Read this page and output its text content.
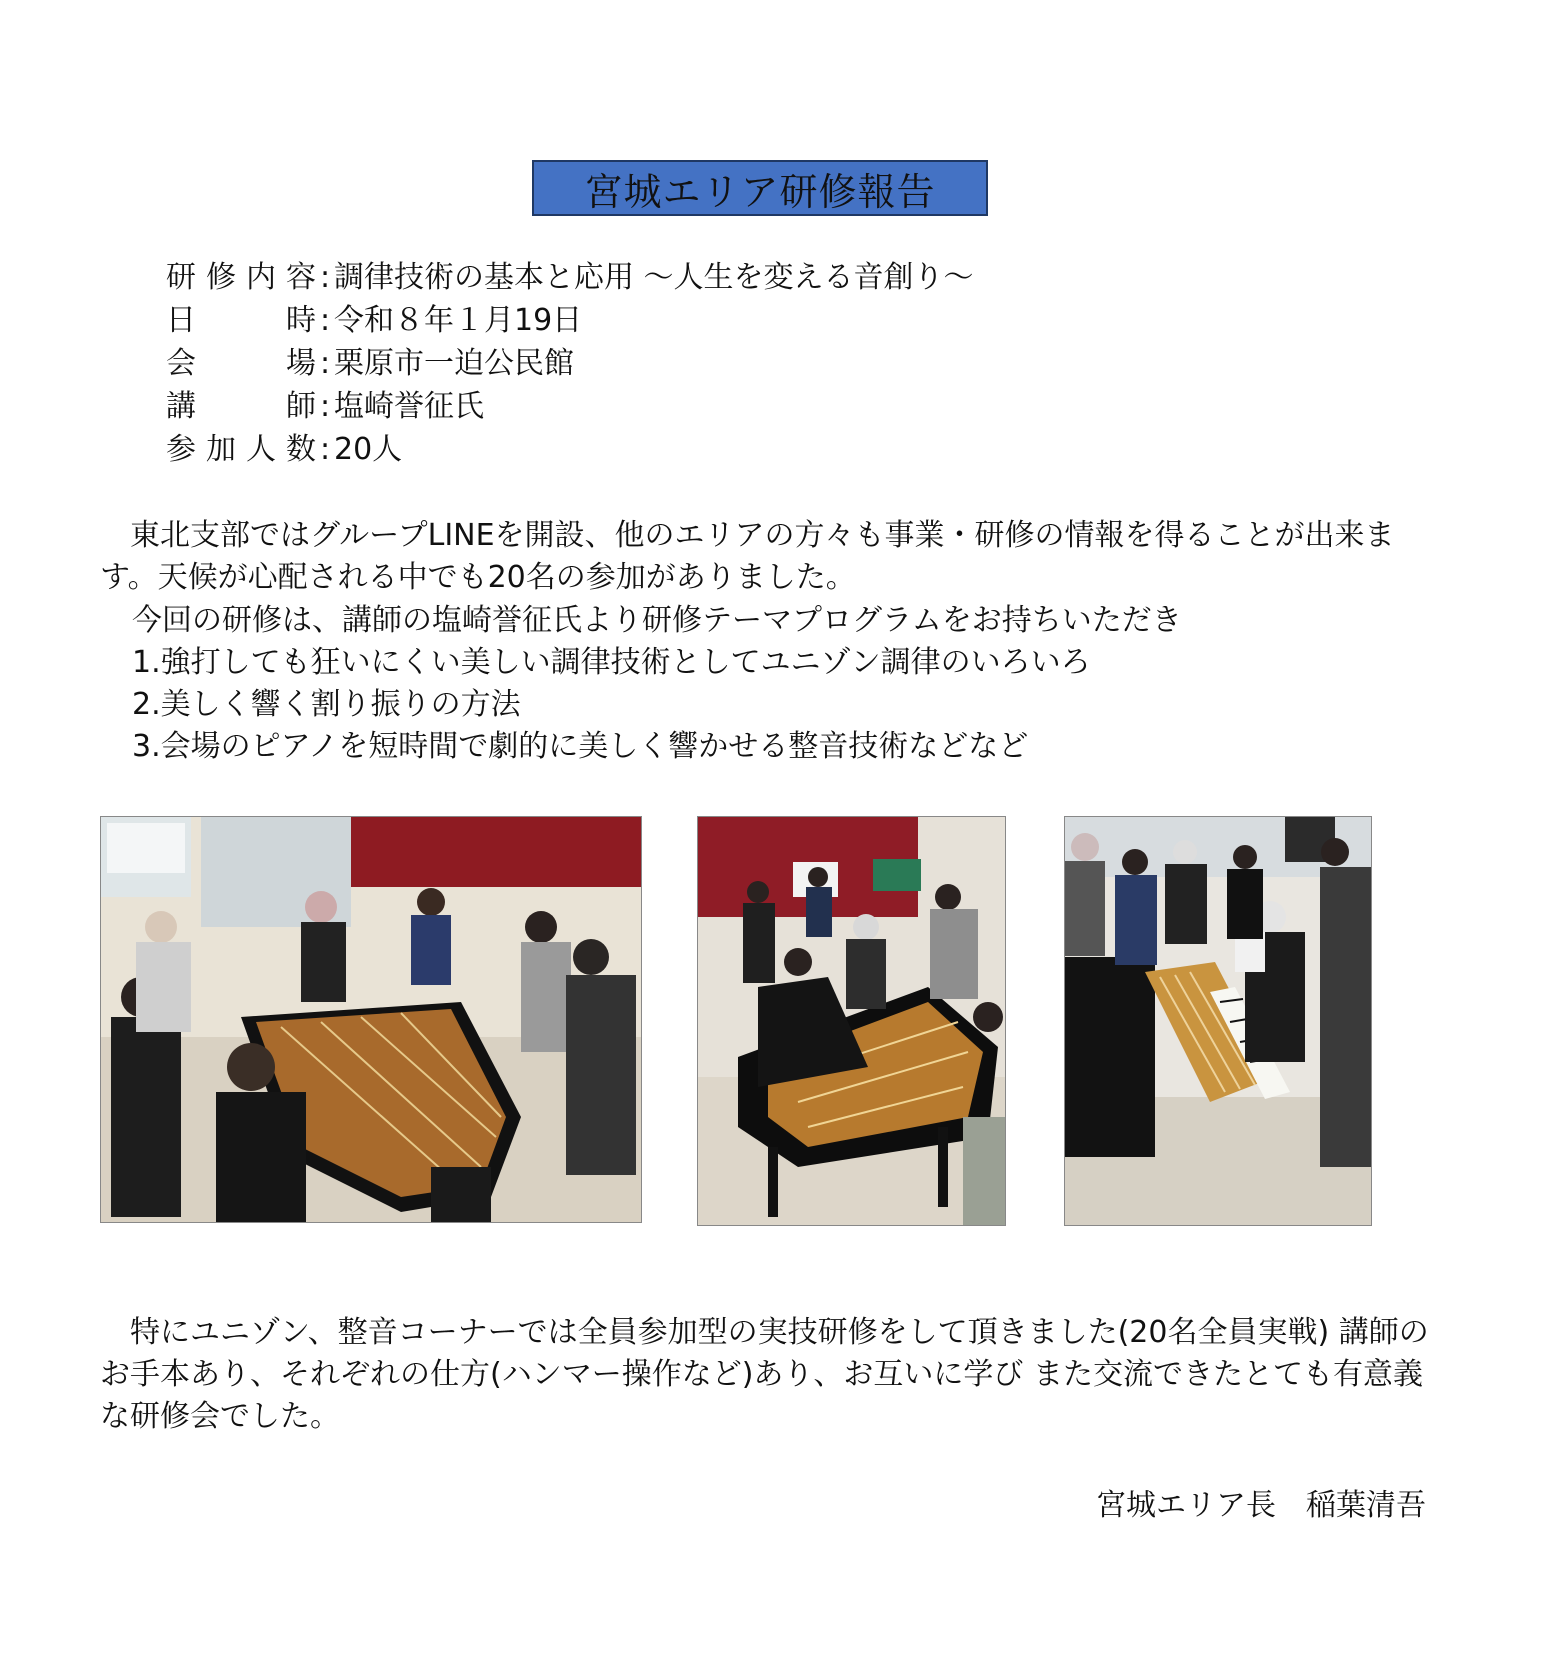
宮城エリア研修報告
研 修 内 容 : 調律技術の基本と応用 ～人生を変える音創り～
日	時 : 令和８年１月19日
会	場 : 栗原市一迫公民館
講	師 : 塩崎誉征氏
参 加 人 数 : 20人

東北支部ではグループLINEを開設、他のエリアの方々も事業・研修の情報を得ることが出来ます。天候が心配される中でも20名の参加がありました。

今回の研修は、講師の塩崎誉征氏より研修テーマプログラムをお持ちいただき
1.強打しても狂いにくい美しい調律技術としてユニゾン調律のいろいろ
2.美しく響く割り振りの方法
3.会場のピアノを短時間で劇的に美しく響かせる整音技術などなど

特にユニゾン、整音コーナーでは全員参加型の実技研修をして頂きました(20名全員実戦) 講師のお手本あり、それぞれの仕方(ハンマー操作など)あり、お互いに学び また交流できたとても有意義な研修会でした。

宮城エリア長　 稲葉清吾
